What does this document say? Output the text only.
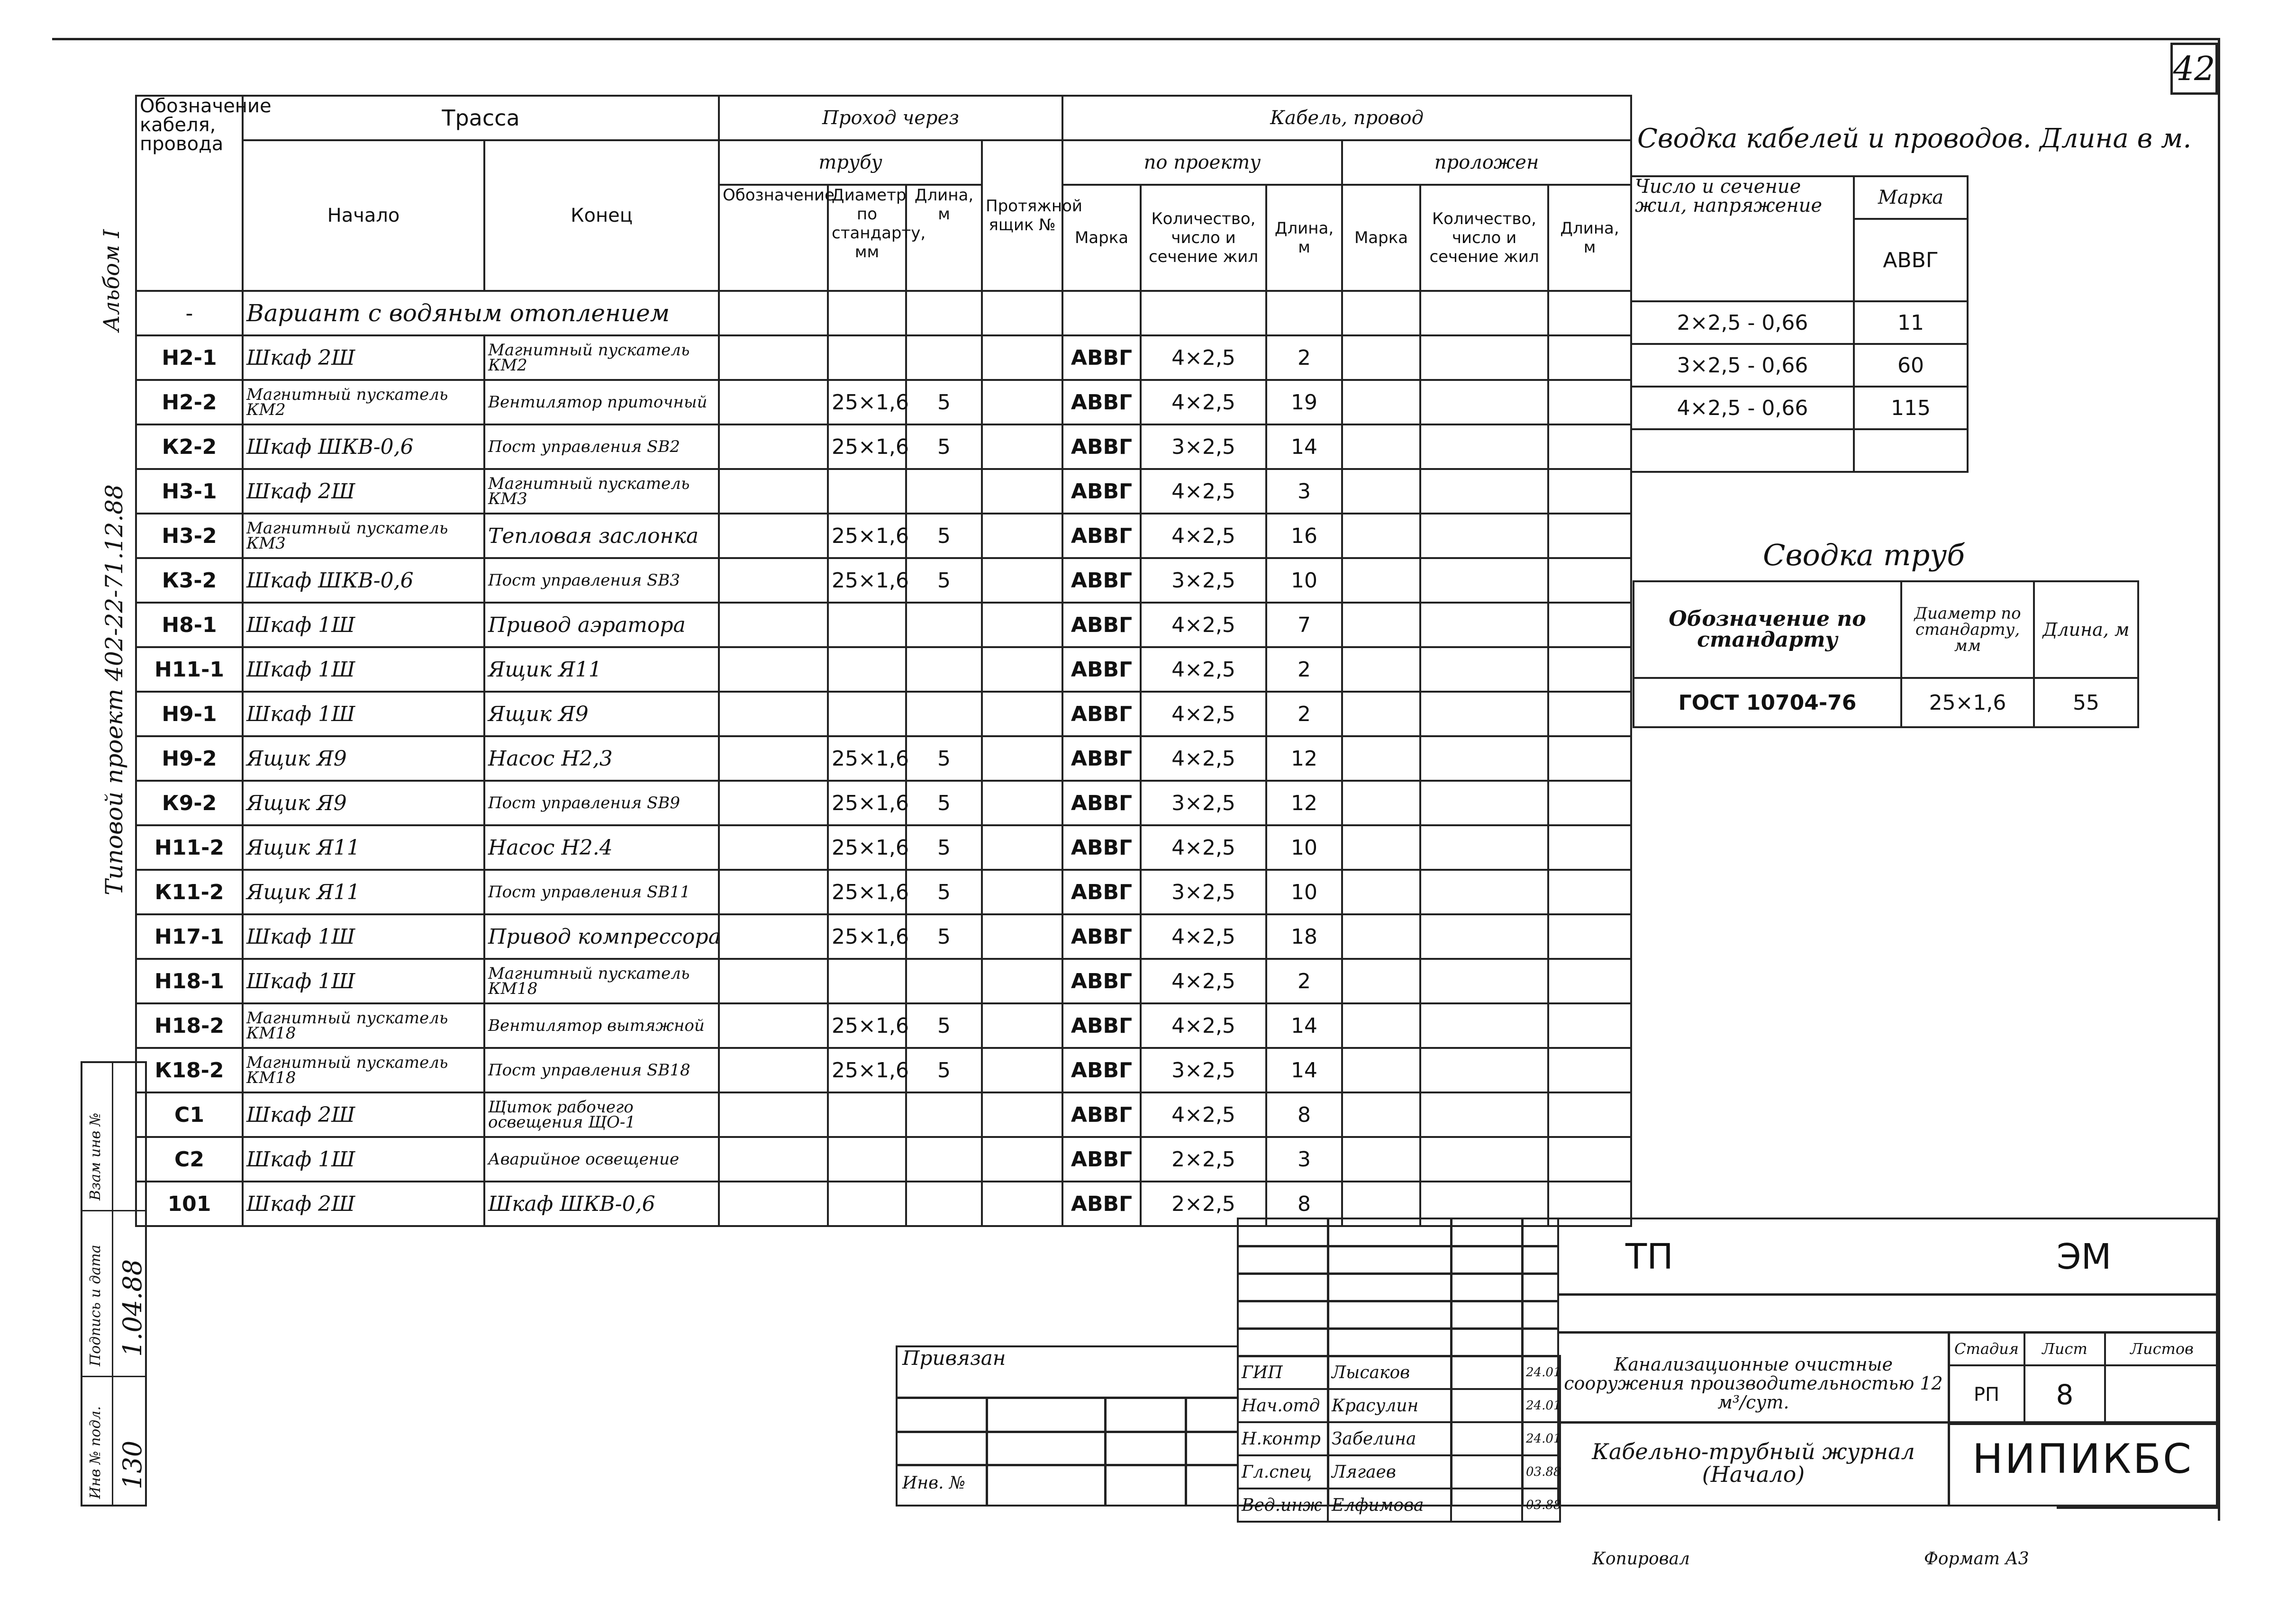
42
Альбом I
Типовой проект 402-22-71.12.88
Инв № подл.
Подпись и дата
Взам инв №
130
1.04.88
Обозначение кабеля, провода	Трасса		Проход через				Кабель, провод					
	Начало	Конец	трубу			Протяжной ящик №	по проекту			проложен		
			Обозначение	Диаметр по стандарту, мм	Длина, м		Марка	Количество, число и сечение жил	Длина, м	Марка	Количество, число и сечение жил	Длина, м
-	Вариант с водяным отоплением											
Н2-1	Шкаф 2Ш	Магнитный пускатель КМ2					АВВГ	4×2,5	2			
Н2-2	Магнитный пускатель КМ2	Вентилятор приточный		25×1,6	5		АВВГ	4×2,5	19			
К2-2	Шкаф ШКВ-0,6	Пост управления SB2		25×1,6	5		АВВГ	3×2,5	14			
Н3-1	Шкаф 2Ш	Магнитный пускатель КМ3					АВВГ	4×2,5	3			
Н3-2	Магнитный пускатель КМ3	Тепловая заслонка		25×1,6	5		АВВГ	4×2,5	16			
К3-2	Шкаф ШКВ-0,6	Пост управления SB3		25×1,6	5		АВВГ	3×2,5	10			
Н8-1	Шкаф 1Ш	Привод аэратора					АВВГ	4×2,5	7			
Н11-1	Шкаф 1Ш	Ящик Я11					АВВГ	4×2,5	2			
Н9-1	Шкаф 1Ш	Ящик Я9					АВВГ	4×2,5	2			
Н9-2	Ящик Я9	Насос Н2,3		25×1,6	5		АВВГ	4×2,5	12			
К9-2	Ящик Я9	Пост управления SB9		25×1,6	5		АВВГ	3×2,5	12			
Н11-2	Ящик Я11	Насос Н2.4		25×1,6	5		АВВГ	4×2,5	10			
К11-2	Ящик Я11	Пост управления SB11		25×1,6	5		АВВГ	3×2,5	10			
Н17-1	Шкаф 1Ш	Привод компрессора		25×1,6	5		АВВГ	4×2,5	18			
Н18-1	Шкаф 1Ш	Магнитный пускатель КМ18					АВВГ	4×2,5	2			
Н18-2	Магнитный пускатель КМ18	Вентилятор вытяжной		25×1,6	5		АВВГ	4×2,5	14			
К18-2	Магнитный пускатель КМ18	Пост управления SB18		25×1,6	5		АВВГ	3×2,5	14			
С1	Шкаф 2Ш	Щиток рабочего освещения ЩО-1					АВВГ	4×2,5	8			
С2	Шкаф 1Ш	Аварийное освещение					АВВГ	2×2,5	3			
101	Шкаф 2Ш	Шкаф ШКВ-0,6					АВВГ	2×2,5	8			
Сводка кабелей и проводов. Длина в м.
Число и сечение жил, напряжение	Марка
	АВВГ
2×2,5 - 0,66	11
3×2,5 - 0,66	60
4×2,5 - 0,66	115

Сводка труб
Обозначение по стандарту	Диаметр по стандарту, мм	Длина, м
ГОСТ 10704-76	25×1,6	55
Привязан
Инв. №
ГИП	Лысаков		24.01
Нач.отд	Красулин		24.01
Н.контр	Забелина		24.01
Гл.спец	Лягаев		03.88
Вед.инж	Елфимова		03.88
ТП	ЭМ
Канализационные очистные сооружения производительностью 12 м³/сут.
Кабельно-трубный журнал (Начало)
Стадия	Лист	Листов
РП	8	
НИПИКБС
Копировал	Формат А3
